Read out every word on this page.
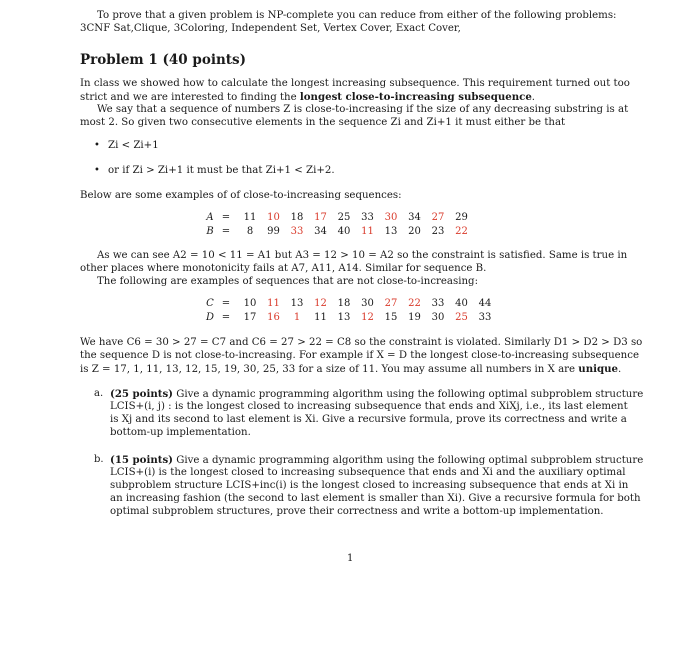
To prove that a given problem is NP-complete you can reduce from either of the following problems:
3CNF Sat,Clique, 3Coloring, Independent Set, Vertex Cover, Exact Cover,
Problem 1 (40 points)
In class we showed how to calculate the longest increasing subsequence. This requirement turned out too
strict and we are interested to finding the longest close-to-increasing subsequence.
We say that a sequence of numbers Z is close-to-increasing if the size of any decreasing substring is at
most 2. So given two consecutive elements in the sequence Zi and Zi+1 it must either be that
• Zi < Zi+1
• or if Zi > Zi+1 it must be that Zi+1 < Zi+2.
Below are some examples of of close-to-increasing sequences:
A =	11	10	18	17	25	33	30	34	27	29
B =	8	99	33	34	40	11	13	20	23	22
As we can see A2 = 10 < 11 = A1 but A3 = 12 > 10 = A2 so the constraint is satisfied. Same is true in
other places where monotonicity fails at A7, A11, A14. Similar for sequence B.
The following are examples of sequences that are not close-to-increasing:
C =	10	11	13	12	18	30	27	22	33	40	44
D =	17	16	1	11	13	12	15	19	30	25	33
We have C6 = 30 > 27 = C7 and C6 = 27 > 22 = C8 so the constraint is violated. Similarly D1 > D2 > D3 so
the sequence D is not close-to-increasing. For example if X = D the longest close-to-increasing subsequence
is Z = 17, 1, 11, 13, 12, 15, 19, 30, 25, 33 for a size of 11. You may assume all numbers in X are unique.
a. (25 points) Give a dynamic programming algorithm using the following optimal subproblem structure
LCIS+(i, j) : is the longest closed to increasing subsequence that ends and XiXj, i.e., its last element
is Xj and its second to last element is Xi. Give a recursive formula, prove its correctness and write a
bottom-up implementation.
b. (15 points) Give a dynamic programming algorithm using the following optimal subproblem structure
LCIS+(i) is the longest closed to increasing subsequence that ends and Xi and the auxiliary optimal
subproblem structure LCIS+inc(i) is the longest closed to increasing subsequence that ends at Xi in
an increasing fashion (the second to last element is smaller than Xi). Give a recursive formula for both
optimal subproblem structures, prove their correctness and write a bottom-up implementation.
1
